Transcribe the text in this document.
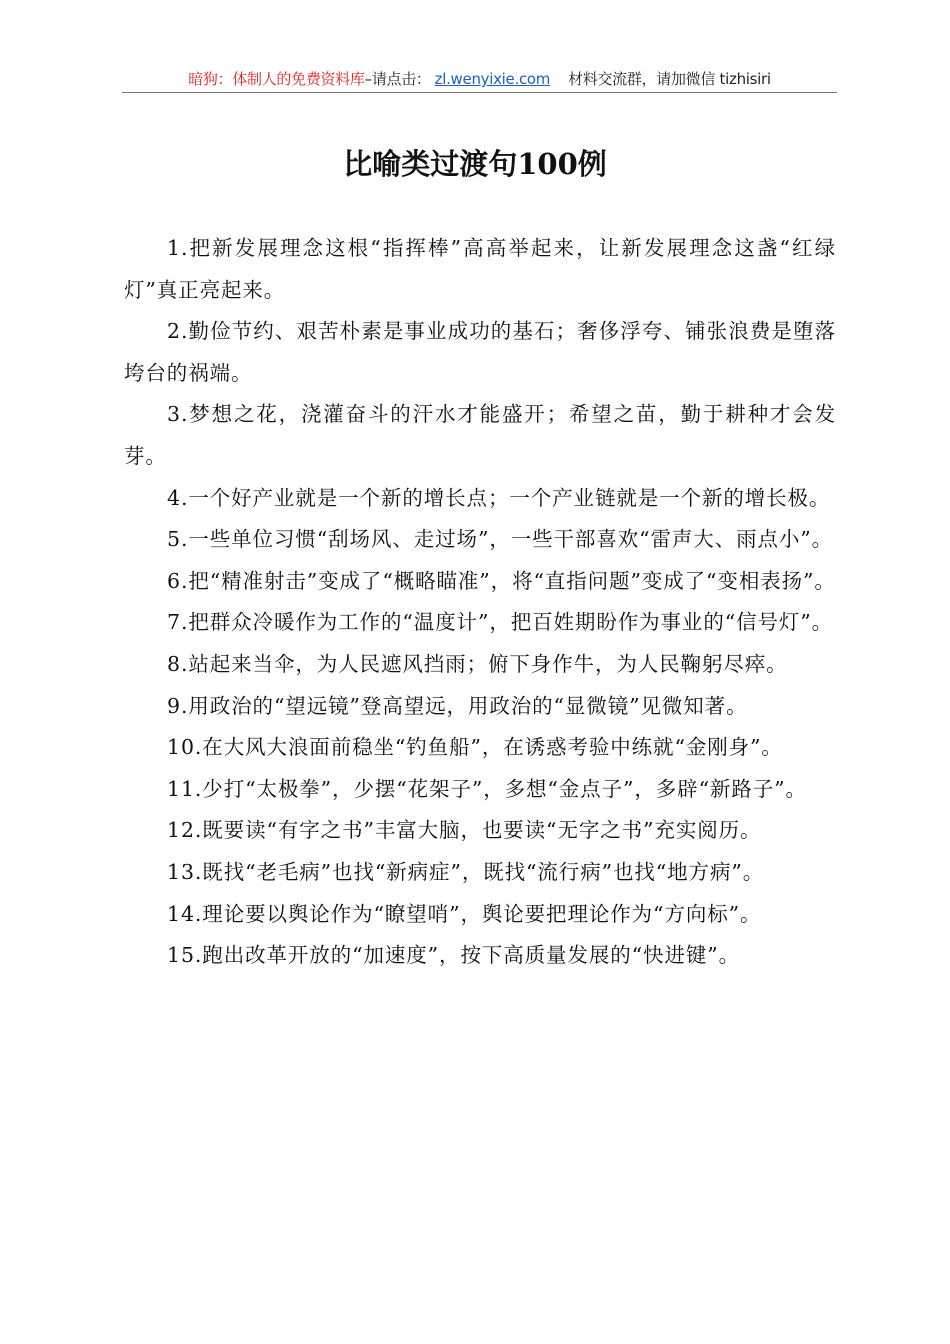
暗狗：体制人的免费资料库–请点击： zl.wenyixie.com 材料交流群，请加微信 tizhisiri
比喻类过渡句100例

1.把新发展理念这根“指挥棒”高高举起来，让新发展理念这盏“红绿灯”真正亮起来。

2.勤俭节约、艰苦朴素是事业成功的基石；奢侈浮夸、铺张浪费是堕落垮台的祸端。

3.梦想之花，浇灌奋斗的汗水才能盛开；希望之苗，勤于耕种才会发芽。

4.一个好产业就是一个新的增长点；一个产业链就是一个新的增长极。

5.一些单位习惯“刮场风、走过场”，一些干部喜欢“雷声大、雨点小”。

6.把“精准射击”变成了“概略瞄准”，将“直指问题”变成了“变相表扬”。

7.把群众冷暖作为工作的“温度计”，把百姓期盼作为事业的“信号灯”。

8.站起来当伞，为人民遮风挡雨；俯下身作牛，为人民鞠躬尽瘁。

9.用政治的“望远镜”登高望远，用政治的“显微镜”见微知著。

10.在大风大浪面前稳坐“钓鱼船”，在诱惑考验中练就“金刚身”。

11.少打“太极拳”，少摆“花架子”，多想“金点子”，多辟“新路子”。

12.既要读“有字之书”丰富大脑，也要读“无字之书”充实阅历。

13.既找“老毛病”也找“新病症”，既找“流行病”也找“地方病”。

14.理论要以舆论作为“瞭望哨”，舆论要把理论作为“方向标”。

15.跑出改革开放的“加速度”，按下高质量发展的“快进键”。
